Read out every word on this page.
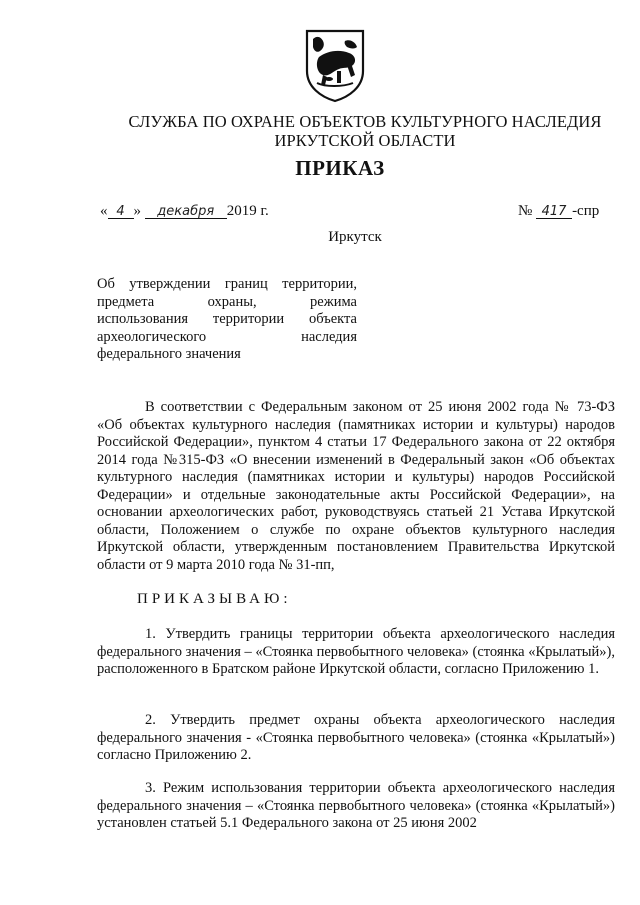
СЛУЖБА ПО ОХРАНЕ ОБЪЕКТОВ КУЛЬТУРНОГО НАСЛЕДИЯ
ИРКУТСКОЙ ОБЛАСТИ
ПРИКАЗ
« 4 » декабря 2019 г.	№ 417 -спр
Иркутск
Об утверждении границ территории,
предмета охраны, режима
использования территории объекта
археологического наследия
федерального значения

В соответствии с Федеральным законом от 25 июня 2002 года № 73-ФЗ «Об объектах культурного наследия (памятниках истории и культуры) народов Российской Федерации», пунктом 4 статьи 17 Федерального закона от 22 октября 2014 года №315-ФЗ «О внесении изменений в Федеральный закон «Об объектах культурного наследия (памятниках истории и культуры) народов Российской Федерации» и отдельные законодательные акты Российской Федерации», на основании археологических работ, руководствуясь статьей 21 Устава Иркутской области, Положением о службе по охране объектов культурного наследия Иркутской области, утвержденным постановлением Правительства Иркутской области от 9 марта 2010 года № 31-пп,

ПРИКАЗЫВАЮ:

1. Утвердить границы территории объекта археологического наследия федерального значения – «Стоянка первобытного человека» (стоянка «Крылатый»), расположенного в Братском районе Иркутской области, согласно Приложению 1.

2. Утвердить предмет охраны объекта археологического наследия федерального значения - «Стоянка первобытного человека» (стоянка «Крылатый») согласно Приложению 2.

3. Режим использования территории объекта археологического наследия федерального значения – «Стоянка первобытного человека» (стоянка «Крылатый») установлен статьей 5.1 Федерального закона от 25 июня 2002
